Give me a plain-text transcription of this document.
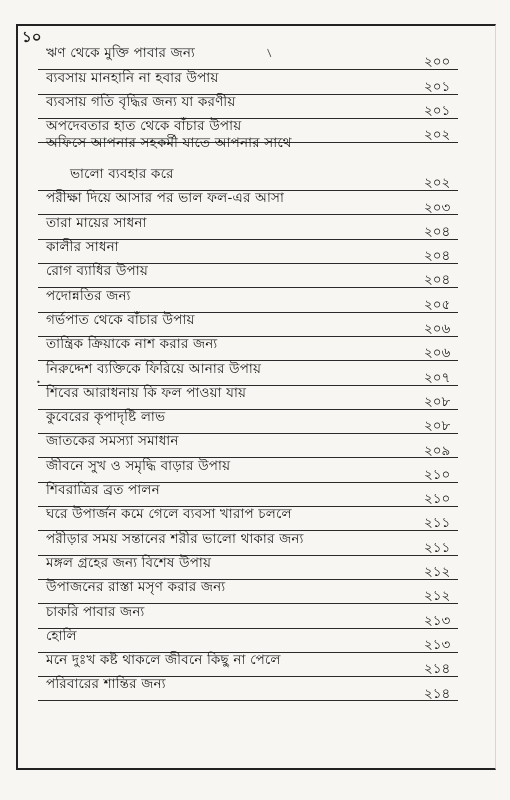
১০
/
•
ঋণ থেকে মুক্তি পাবার জন্য
২০০
ব্যবসায় মানহানি না হবার উপায়
২০১
ব্যবসায় গতি বৃদ্ধির জন্য যা করণীয়
২০১
অপদেবতার হাত থেকে বাঁচার উপায়
২০২
অফিসে আপনার সহকর্মী যাতে আপনার সাথে
ভালো ব্যবহার করে
২০২
পরীক্ষা দিয়ে আসার পর ভাল ফল-এর আসা
২০৩
তারা মায়ের সাধনা
২০৪
কালীর সাধনা
২০৪
রোগ ব্যাধির উপায়
২০৪
পদোন্নতির জন্য
২০৫
গর্ভপাত থেকে বাঁচার উপায়
২০৬
তান্ত্রিক ক্রিয়াকে নাশ করার জন্য
২০৬
নিরুদ্দেশ ব্যক্তিকে ফিরিয়ে আনার উপায়
২০৭
শিবের আরাধনায় কি ফল পাওয়া যায়
২০৮
কুবেরের কৃপাদৃষ্টি লাভ
২০৮
জাতকের সমস্যা সমাধান
২০৯
জীবনে সুখ ও সমৃদ্ধি বাড়ার উপায়
২১০
শিবরাত্রির ব্রত পালন
২১০
ঘরে উপার্জন কমে গেলে ব্যবসা খারাপ চললে
২১১
পরীড়ার সময় সন্তানের শরীর ভালো থাকার জন্য
২১১
মঙ্গল গ্রহের জন্য বিশেষ উপায়
২১২
উপাজনের রাস্তা মসৃণ করার জন্য
২১২
চাকরি পাবার জন্য
২১৩
হোলি
২১৩
মনে দুঃখ কষ্ট থাকলে জীবনে কিছু না পেলে
২১৪
পরিবারের শান্তির জন্য
২১৪
